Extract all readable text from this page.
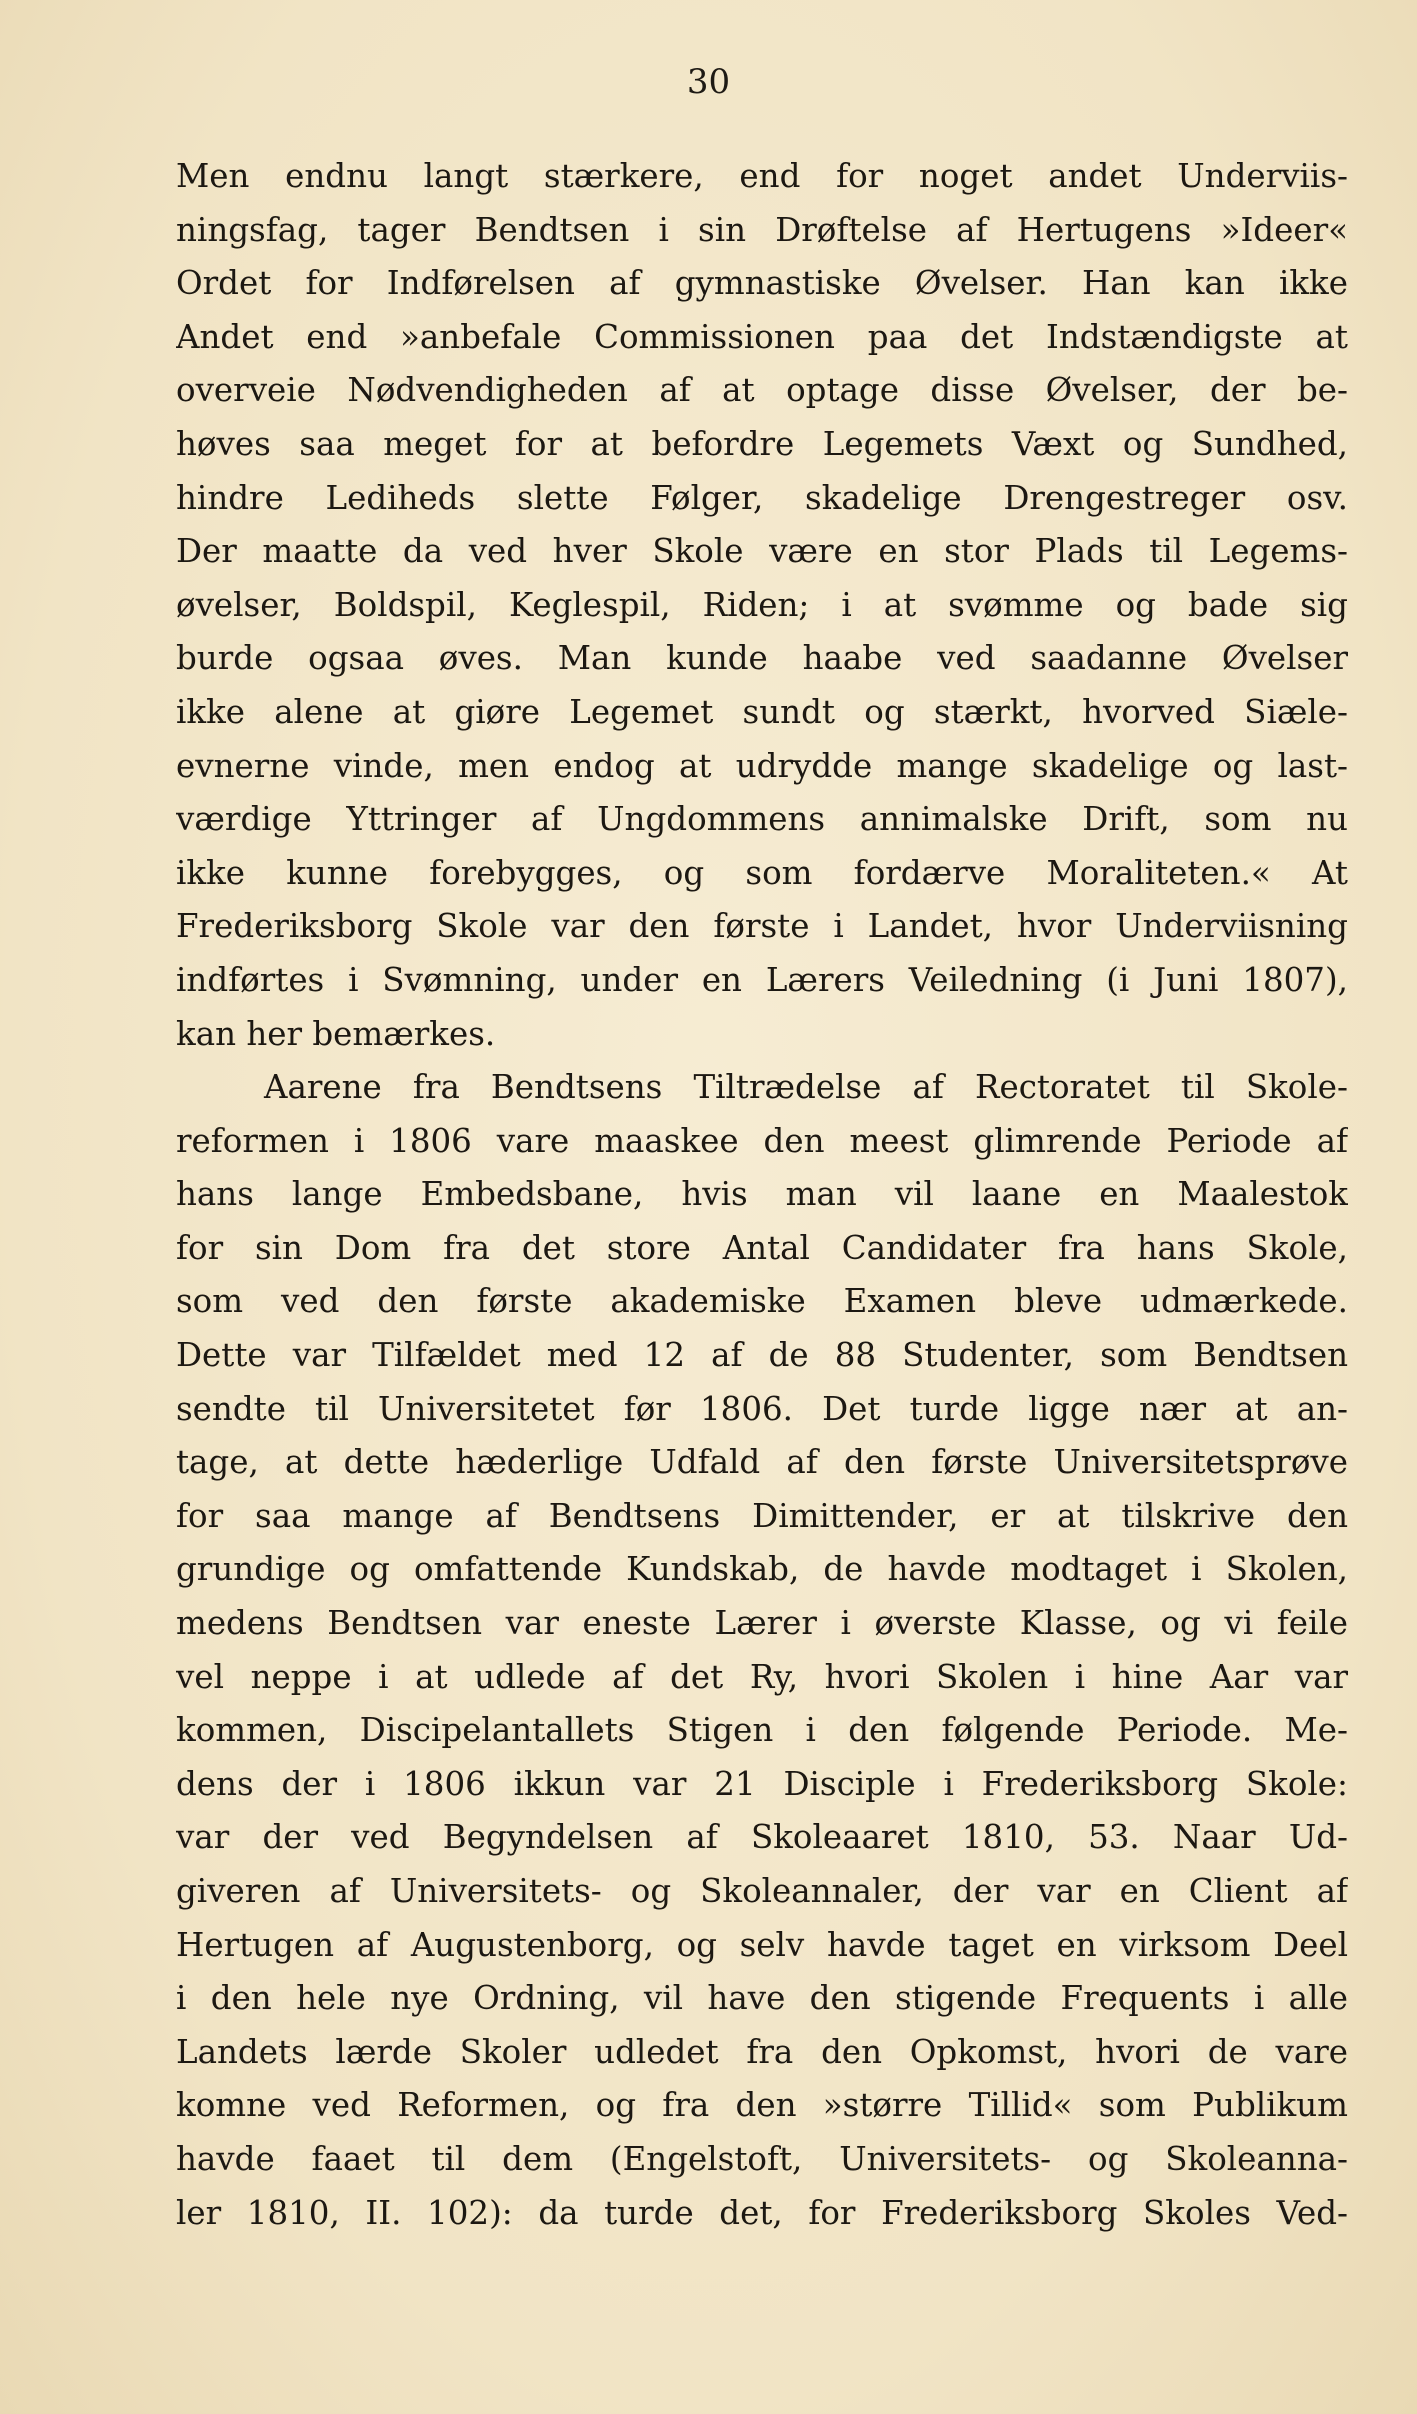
30
Men endnu langt stærkere, end for noget andet Underviis-
ningsfag, tager Bendtsen i sin Drøftelse af Hertugens »Ideer«
Ordet for Indførelsen af gymnastiske Øvelser. Han kan ikke
Andet end »anbefale Commissionen paa det Indstændigste at
overveie Nødvendigheden af at optage disse Øvelser, der be-
høves saa meget for at befordre Legemets Væxt og Sundhed,
hindre Lediheds slette Følger, skadelige Drengestreger osv.
Der maatte da ved hver Skole være en stor Plads til Legems-
øvelser, Boldspil, Keglespil, Riden; i at svømme og bade sig
burde ogsaa øves. Man kunde haabe ved saadanne Øvelser
ikke alene at giøre Legemet sundt og stærkt, hvorved Siæle-
evnerne vinde, men endog at udrydde mange skadelige og last-
værdige Yttringer af Ungdommens annimalske Drift, som nu
ikke kunne forebygges, og som fordærve Moraliteten.« At
Frederiksborg Skole var den første i Landet, hvor Underviisning
indførtes i Svømning, under en Lærers Veiledning (i Juni 1807),
kan her bemærkes.
Aarene fra Bendtsens Tiltrædelse af Rectoratet til Skole-
reformen i 1806 vare maaskee den meest glimrende Periode af
hans lange Embedsbane, hvis man vil laane en Maalestok
for sin Dom fra det store Antal Candidater fra hans Skole,
som ved den første akademiske Examen bleve udmærkede.
Dette var Tilfældet med 12 af de 88 Studenter, som Bendtsen
sendte til Universitetet før 1806. Det turde ligge nær at an-
tage, at dette hæderlige Udfald af den første Universitetsprøve
for saa mange af Bendtsens Dimittender, er at tilskrive den
grundige og omfattende Kundskab, de havde modtaget i Skolen,
medens Bendtsen var eneste Lærer i øverste Klasse, og vi feile
vel neppe i at udlede af det Ry, hvori Skolen i hine Aar var
kommen, Discipelantallets Stigen i den følgende Periode. Me-
dens der i 1806 ikkun var 21 Disciple i Frederiksborg Skole:
var der ved Begyndelsen af Skoleaaret 1810, 53. Naar Ud-
giveren af Universitets- og Skoleannaler, der var en Client af
Hertugen af Augustenborg, og selv havde taget en virksom Deel
i den hele nye Ordning, vil have den stigende Frequents i alle
Landets lærde Skoler udledet fra den Opkomst, hvori de vare
komne ved Reformen, og fra den »større Tillid« som Publikum
havde faaet til dem (Engelstoft, Universitets- og Skoleanna-
ler 1810, II. 102): da turde det, for Frederiksborg Skoles Ved-
